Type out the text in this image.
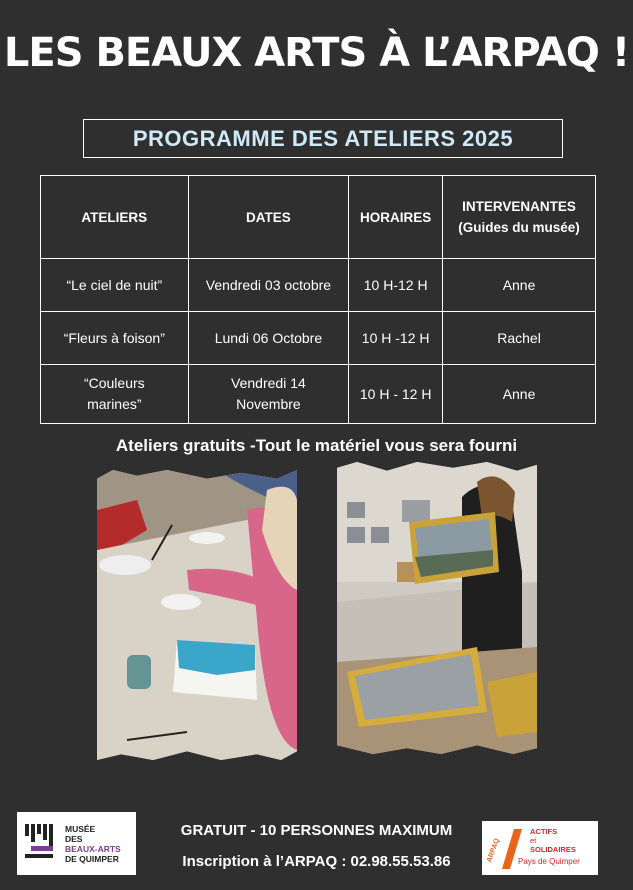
LES BEAUX ARTS À L’ARPAQ !
PROGRAMME DES ATELIERS 2025
ATELIERS	DATES	HORAIRES	INTERVENANTES (Guides du musée)
“Le ciel de nuit”	Vendredi 03 octobre	10 H-12 H	Anne
“Fleurs à foison”	Lundi 06 Octobre	10 H -12 H	Rachel
“Couleurs marines”	Vendredi 14 Novembre	10 H - 12 H	Anne
Ateliers gratuits -Tout le matériel vous sera fourni
GRATUIT - 10 PERSONNES MAXIMUM
Inscription à l’ARPAQ : 02.98.55.53.86
MUSÉE
DES
BEAUX-ARTS
DE QUIMPER	ARPAQ
ACTIFS
et
SOLIDAIRES
Pays de Quimper
